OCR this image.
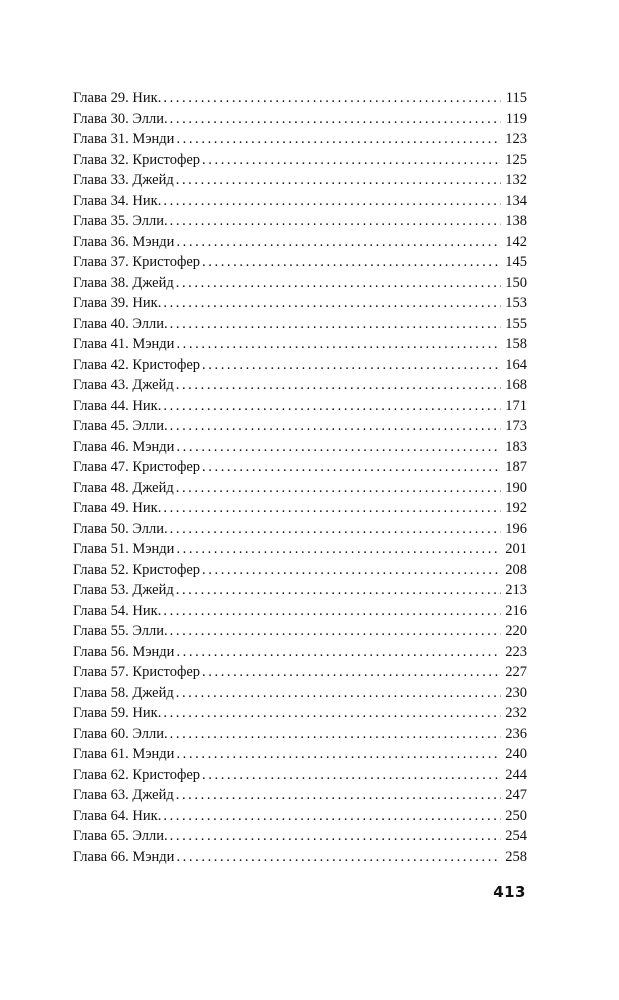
Глава 29. Ник. .....	115
Глава 30. Элли. .....	119
Глава 31. Мэнди .....	123
Глава 32. Кристофер .....	125
Глава 33. Джейд .....	132
Глава 34. Ник. .....	134
Глава 35. Элли. .....	138
Глава 36. Мэнди .....	142
Глава 37. Кристофер .....	145
Глава 38. Джейд .....	150
Глава 39. Ник. .....	153
Глава 40. Элли. .....	155
Глава 41. Мэнди .....	158
Глава 42. Кристофер .....	164
Глава 43. Джейд .....	168
Глава 44. Ник. .....	171
Глава 45. Элли. .....	173
Глава 46. Мэнди .....	183
Глава 47. Кристофер .....	187
Глава 48. Джейд .....	190
Глава 49. Ник. .....	192
Глава 50. Элли. .....	196
Глава 51. Мэнди .....	201
Глава 52. Кристофер .....	208
Глава 53. Джейд .....	213
Глава 54. Ник. .....	216
Глава 55. Элли. .....	220
Глава 56. Мэнди .....	223
Глава 57. Кристофер .....	227
Глава 58. Джейд .....	230
Глава 59. Ник. .....	232
Глава 60. Элли. .....	236
Глава 61. Мэнди .....	240
Глава 62. Кристофер .....	244
Глава 63. Джейд .....	247
Глава 64. Ник. .....	250
Глава 65. Элли. .....	254
Глава 66. Мэнди .....	258
413
